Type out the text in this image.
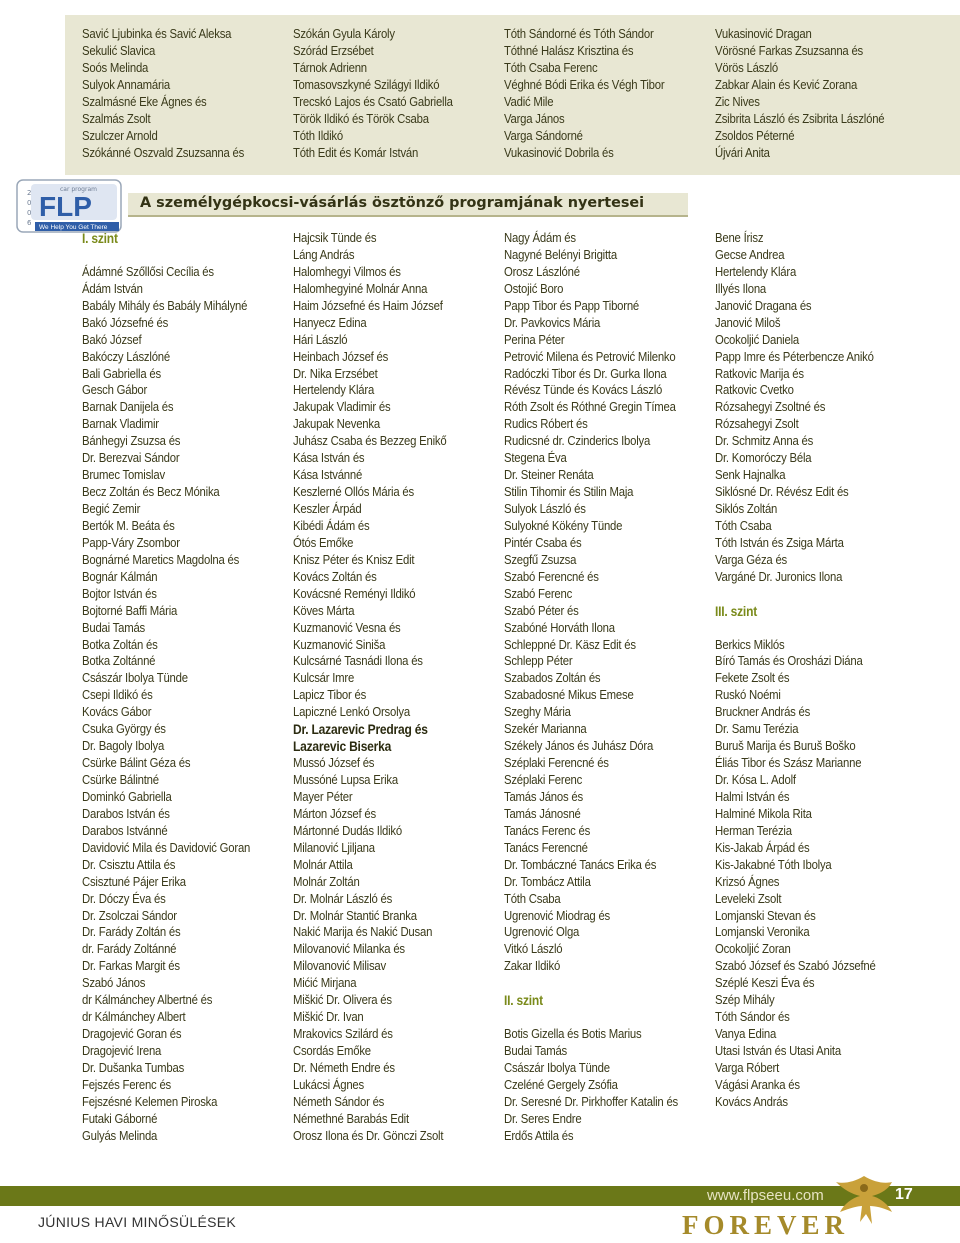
Savić Ljubinka és Savić Aleksa
Sekulić Slavica
Soós Melinda
Sulyok Annamária
Szalmásné Eke Ágnes és
Szalmás Zsolt
Szulczer Arnold
Szókánné Oszvald Zsuzsanna és
Szókán Gyula Károly
Szórád Erzsébet
Tárnok Adrienn
Tomasovszkyné Szilágyi Ildikó
Trecskó Lajos és Csató Gabriella
Török Ildikó és Török Csaba
Tóth Ildikó
Tóth Edit és Komár István
Tóth Sándorné és Tóth Sándor
Tóthné Halász Krisztina és
Tóth Csaba Ferenc
Véghné Bódi Erika és Végh Tibor
Vadić Mile
Varga János
Varga Sándorné
Vukasinović Dobrila és
Vukasinović Dragan
Vörösné Farkas Zsuzsanna és
Vörös László
Zabkar Alain és Kević Zorana
Zic Nives
Zsibrita László és Zsibrita Lászlóné
Zsoldos Péterné
Újvári Anita
2
0
0
6
car program
FLP
We Help You Get There
A személygépkocsi-vásárlás ösztönző programjának nyertesei
I. szint
Ádámné Szőllősi Cecília és
Ádám István
Babály Mihály és Babály Mihályné
Bakó Józsefné és
Bakó József
Bakóczy Lászlóné
Bali Gabriella és
Gesch Gábor
Barnak Danijela és
Barnak Vladimir
Bánhegyi Zsuzsa és
Dr. Berezvai Sándor
Brumec Tomislav
Becz Zoltán és Becz Mónika
Begić Zemir
Bertók M. Beáta és
Papp-Váry Zsombor
Bognárné Maretics Magdolna és
Bognár Kálmán
Bojtor István és
Bojtorné Baffi Mária
Budai Tamás
Botka Zoltán és
Botka Zoltánné
Császár Ibolya Tünde
Csepi Ildikó és
Kovács Gábor
Csuka György és
Dr. Bagoly Ibolya
Csürke Bálint Géza és
Csürke Bálintné
Dominkó Gabriella
Darabos István és
Darabos Istvánné
Davidović Mila és Davidović Goran
Dr. Csisztu Attila és
Csisztuné Pájer Erika
Dr. Dóczy Éva és
Dr. Zsolczai Sándor
Dr. Farády Zoltán és
dr. Farády Zoltánné
Dr. Farkas Margit és
Szabó János
dr Kálmánchey Albertné és
dr Kálmánchey Albert
Dragojević Goran és
Dragojević Irena
Dr. Dušanka Tumbas
Fejszés Ferenc és
Fejszésné Kelemen Piroska
Futaki Gáborné
Gulyás Melinda
Hajcsik Tünde és
Láng András
Halomhegyi Vilmos és
Halomhegyiné Molnár Anna
Haim Józsefné és Haim József
Hanyecz Edina
Hári László
Heinbach József és
Dr. Nika Erzsébet
Hertelendy Klára
Jakupak Vladimir és
Jakupak Nevenka
Juhász Csaba és Bezzeg Enikő
Kása István és
Kása Istvánné
Keszlerné Ollós Mária és
Keszler Árpád
Kibédi Ádám és
Ótós Emőke
Knisz Péter és Knisz Edit
Kovács Zoltán és
Kovácsné Reményi Ildikó
Köves Márta
Kuzmanović Vesna és
Kuzmanović Siniša
Kulcsárné Tasnádi Ilona és
Kulcsár Imre
Lapicz Tibor és
Lapiczné Lenkó Orsolya
Dr. Lazarevic Predrag és
Lazarevic Biserka
Mussó József és
Mussóné Lupsa Erika
Mayer Péter
Márton József és
Mártonné Dudás Ildikó
Milanović Ljiljana
Molnár Attila
Molnár Zoltán
Dr. Molnár László és
Dr. Molnár Stantić Branka
Nakić Marija és Nakić Dusan
Milovanović Milanka és
Milovanović Milisav
Mićić Mirjana
Miškić Dr. Olivera és
Miškić Dr. Ivan
Mrakovics Szilárd és
Csordás Emőke
Dr. Németh Endre és
Lukácsi Ágnes
Németh Sándor és
Némethné Barabás Edit
Orosz Ilona és Dr. Gönczi Zsolt
Nagy Ádám és
Nagyné Belényi Brigitta
Orosz Lászlóné
Ostojić Boro
Papp Tibor és Papp Tiborné
Dr. Pavkovics Mária
Perina Péter
Petrović Milena és Petrović Milenko
Radóczki Tibor és Dr. Gurka Ilona
Révész Tünde és Kovács László
Róth Zsolt és Róthné Gregin Tímea
Rudics Róbert és
Rudicsné dr. Czinderics Ibolya
Stegena Éva
Dr. Steiner Renáta
Stilin Tihomir és Stilin Maja
Sulyok László és
Sulyokné Kökény Tünde
Pintér Csaba és
Szegfű Zsuzsa
Szabó Ferencné és
Szabó Ferenc
Szabó Péter és
Szabóné Horváth Ilona
Schleppné Dr. Käsz Edit és
Schlepp Péter
Szabados Zoltán és
Szabadosné Mikus Emese
Szeghy Mária
Szekér Marianna
Székely János és Juhász Dóra
Széplaki Ferencné és
Széplaki Ferenc
Tamás János és
Tamás Jánosné
Tanács Ferenc és
Tanács Ferencné
Dr. Tombáczné Tanács Erika és
Dr. Tombácz Attila
Tóth Csaba
Ugrenović Miodrag és
Ugrenović Olga
Vitkó László
Zakar Ildikó
II. szint
Botis Gizella és Botis Marius
Budai Tamás
Császár Ibolya Tünde
Czeléné Gergely Zsófia
Dr. Seresné Dr. Pirkhoffer Katalin és
Dr. Seres Endre
Erdős Attila és
Bene Írisz
Gecse Andrea
Hertelendy Klára
Illyés Ilona
Janović Dragana és
Janović Miloš
Ocokoljić Daniela
Papp Imre és Péterbencze Anikó
Ratkovic Marija és
Ratkovic Cvetko
Rózsahegyi Zsoltné és
Rózsahegyi Zsolt
Dr. Schmitz Anna és
Dr. Komoróczy Béla
Senk Hajnalka
Siklósné Dr. Révész Edit és
Siklós Zoltán
Tóth Csaba
Tóth István és Zsiga Márta
Varga Géza és
Vargáné Dr. Juronics Ilona
III. szint
Berkics Miklós
Bíró Tamás és Orosházi Diána
Fekete Zsolt és
Ruskó Noémi
Bruckner András és
Dr. Samu Terézia
Buruš Marija és Buruš Boško
Éliás Tibor és Szász Marianne
Dr. Kósa L. Adolf
Halmi István és
Halminé Mikola Rita
Herman Terézia
Kis-Jakab Árpád és
Kis-Jakabné Tóth Ibolya
Krizsó Ágnes
Leveleki Zsolt
Lomjanski Stevan és
Lomjanski Veronika
Ocokoljić Zoran
Szabó József és Szabó Józsefné
Széplé Keszi Éva és
Szép Mihály
Tóth Sándor és
Vanya Edina
Utasi István és Utasi Anita
Varga Róbert
Vágási Aranka és
Kovács András
www.flpseeu.com	17
JÚNIUS HAVI MINŐSÜLÉSEK	FOREVER
